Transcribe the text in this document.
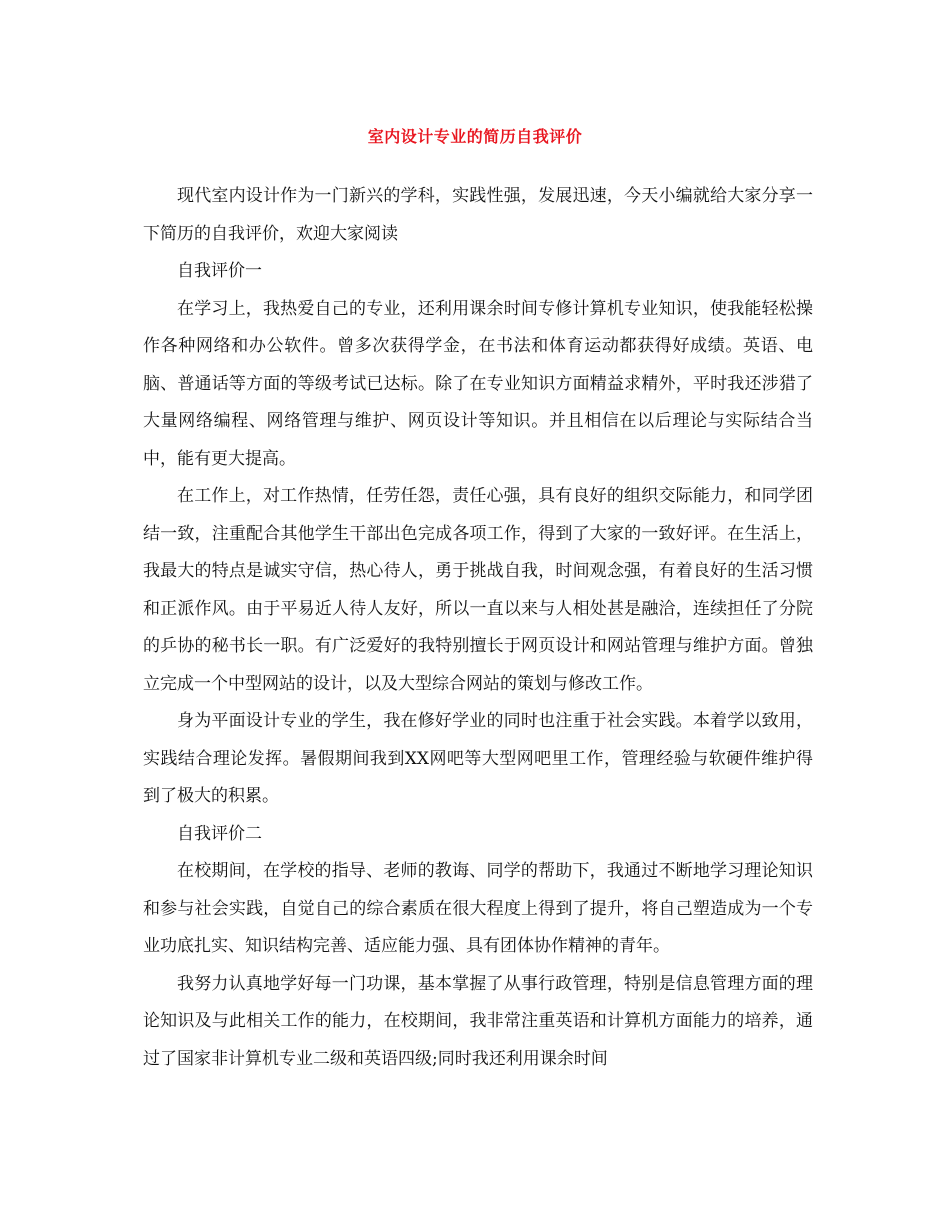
室内设计专业的简历自我评价

现代室内设计作为一门新兴的学科，实践性强，发展迅速，今天小编就给大家分享一下简历的自我评价，欢迎大家阅读

自我评价一

在学习上，我热爱自己的专业，还利用课余时间专修计算机专业知识，使我能轻松操作各种网络和办公软件。曾多次获得学金，在书法和体育运动都获得好成绩。英语、电脑、普通话等方面的等级考试已达标。除了在专业知识方面精益求精外，平时我还涉猎了大量网络编程、网络管理与维护、网页设计等知识。并且相信在以后理论与实际结合当中，能有更大提高。

在工作上，对工作热情，任劳任怨，责任心强，具有良好的组织交际能力，和同学团结一致，注重配合其他学生干部出色完成各项工作，得到了大家的一致好评。在生活上，我最大的特点是诚实守信，热心待人，勇于挑战自我，时间观念强，有着良好的生活习惯和正派作风。由于平易近人待人友好，所以一直以来与人相处甚是融洽，连续担任了分院的乒协的秘书长一职。有广泛爱好的我特别擅长于网页设计和网站管理与维护方面。曾独立完成一个中型网站的设计，以及大型综合网站的策划与修改工作。

身为平面设计专业的学生，我在修好学业的同时也注重于社会实践。本着学以致用，实践结合理论发挥。暑假期间我到XX网吧等大型网吧里工作，管理经验与软硬件维护得到了极大的积累。

自我评价二

在校期间，在学校的指导、老师的教诲、同学的帮助下，我通过不断地学习理论知识和参与社会实践，自觉自己的综合素质在很大程度上得到了提升，将自己塑造成为一个专业功底扎实、知识结构完善、适应能力强、具有团体协作精神的青年。

我努力认真地学好每一门功课，基本掌握了从事行政管理，特别是信息管理方面的理论知识及与此相关工作的能力，在校期间，我非常注重英语和计算机方面能力的培养，通过了国家非计算机专业二级和英语四级;同时我还利用课余时间
